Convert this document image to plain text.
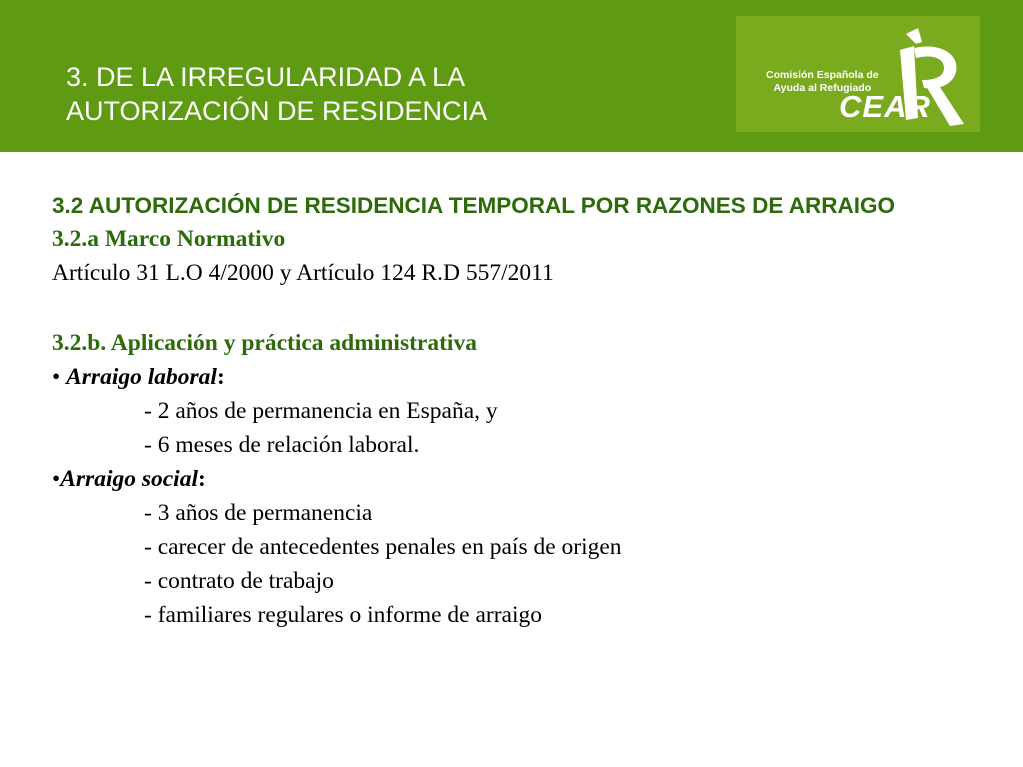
3. DE LA IRREGULARIDAD A LA
AUTORIZACIÓN DE RESIDENCIA
Comisión Española de
Ayuda al Refugiado
CEAR

3.2 AUTORIZACIÓN DE RESIDENCIA TEMPORAL POR RAZONES DE ARRAIGO

3.2.a Marco Normativo

Artículo 31 L.O 4/2000 y Artículo 124 R.D 557/2011

3.2.b. Aplicación y práctica administrativa

• Arraigo laboral:

- 2 años de permanencia en España, y

- 6 meses de relación laboral.

•Arraigo social:

- 3 años de permanencia

- carecer de antecedentes penales en país de origen

- contrato de trabajo

- familiares regulares o informe de arraigo
